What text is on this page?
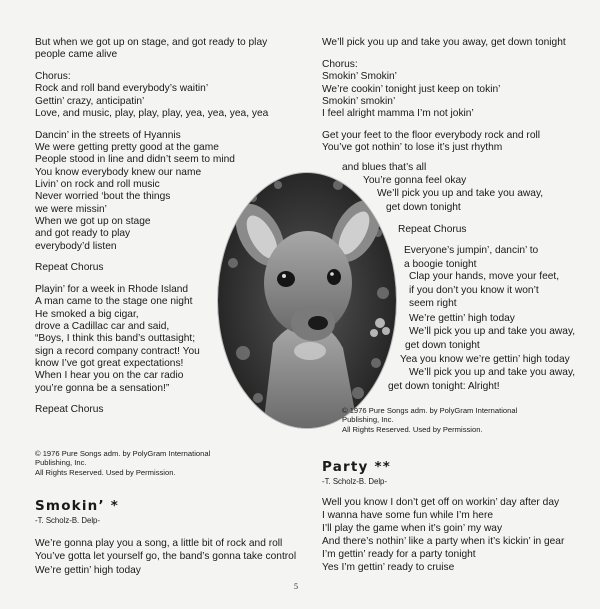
But when we got up on stage, and got ready to play
people came alive

Chorus:
Rock and roll band everybody’s waitin’
Gettin’ crazy, anticipatin’
Love, and music, play, play, play, yea, yea, yea, yea

Dancin’ in the streets of Hyannis
We were getting pretty good at the game
People stood in line and didn’t seem to mind
You know everybody knew our name
Livin’ on rock and roll music
Never worried ‘bout the things
we were missin’
When we got up on stage
and got ready to play
everybody’d listen

Repeat Chorus

Playin’ for a week in Rhode Island
A man came to the stage one night
He smoked a big cigar,
drove a Cadillac car and said,
“Boys, I think this band’s outtasight;
sign a record company contract! You
know I’ve got great expectations!
When I hear you on the car radio
you’re gonna be a sensation!”

Repeat Chorus
© 1976 Pure Songs adm. by PolyGram International
Publishing, Inc.
All Rights Reserved. Used by Permission.
Smokin’ *
-T. Scholz-B. Delp-
We’re gonna play you a song, a little bit of rock and roll
You’ve gotta let yourself go, the band’s gonna take control
We’re gettin’ high today
We’ll pick you up and take you away, get down tonight

Chorus:
Smokin’ Smokin’
We’re cookin’ tonight just keep on tokin’
Smokin’ smokin’
I feel alright mamma I’m not jokin’

Get your feet to the floor everybody rock and roll
You’ve got nothin’ to lose it’s just rhythm
and blues that’s all
You’re gonna feel okay
We’ll pick you up and take you away,
get down tonight
Repeat Chorus
Everyone’s jumpin’, dancin’ to
a boogie tonight
Clap your hands, move your feet,
if you don’t you know it won’t
seem right
We’re gettin’ high today
We’ll pick you up and take you away,
get down tonight
Yea you know we’re gettin’ high today
We’ll pick you up and take you away,
get down tonight: Alright!
© 1976 Pure Songs adm. by PolyGram International
Publishing, Inc.
All Rights Reserved. Used by Permission.
Party **
-T. Scholz-B. Delp-
Well you know I don’t get off on workin’ day after day
I wanna have some fun while I’m here
I’ll play the game when it’s goin’ my way
And there’s nothin’ like a party when it’s kickin’ in gear
I’m gettin’ ready for a party tonight
Yes I’m gettin’ ready to cruise
5
